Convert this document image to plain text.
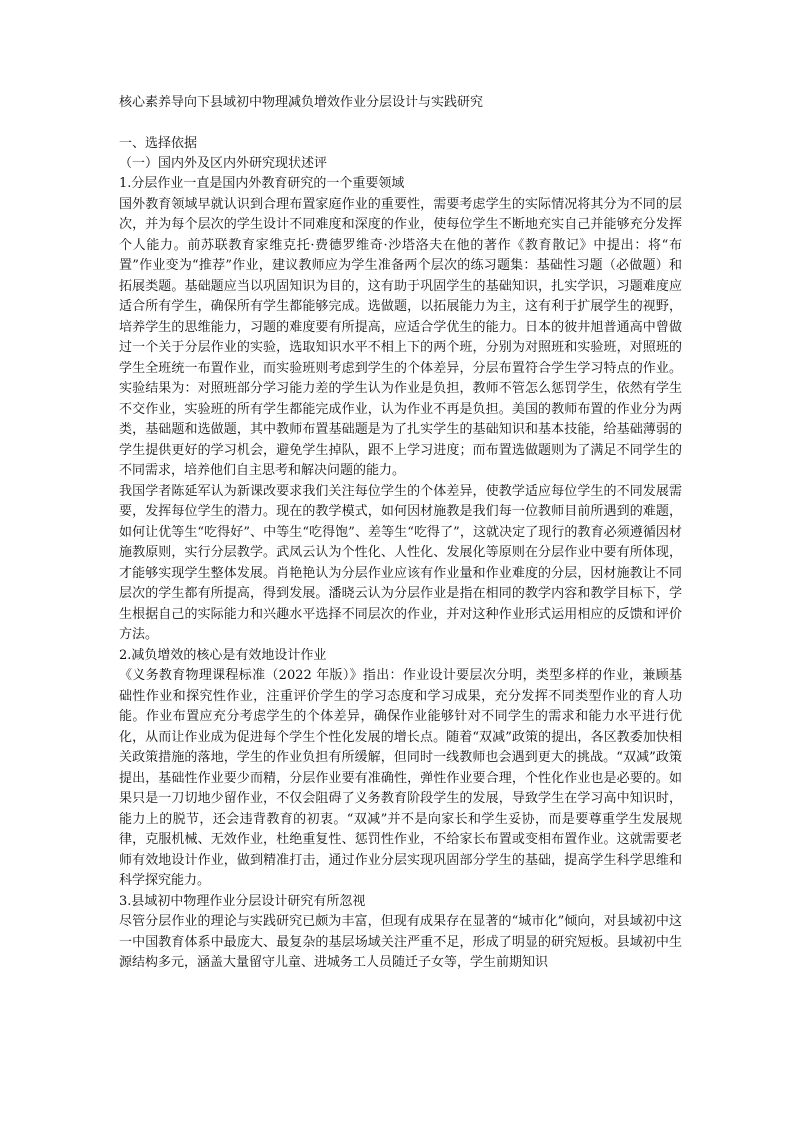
核心素养导向下县域初中物理减负增效作业分层设计与实践研究

一、选择依据

（一）国内外及区内外研究现状述评

1.分层作业一直是国内外教育研究的一个重要领域

国外教育领域早就认识到合理布置家庭作业的重要性，需要考虑学生的实际情况将其分为不同的层次，并为每个层次的学生设计不同难度和深度的作业，使每位学生不断地充实自己并能够充分发挥个人能力。前苏联教育家维克托·费德罗维奇·沙塔洛夫在他的著作《教育散记》中提出：将“布置”作业变为“推荐”作业，建议教师应为学生准备两个层次的练习题集：基础性习题（必做题）和拓展类题。基础题应当以巩固知识为目的，这有助于巩固学生的基础知识，扎实学识，习题难度应适合所有学生，确保所有学生都能够完成。选做题，以拓展能力为主，这有利于扩展学生的视野，培养学生的思维能力，习题的难度要有所提高，应适合学优生的能力。日本的彼井旭普通高中曾做过一个关于分层作业的实验，选取知识水平不相上下的两个班，分别为对照班和实验班，对照班的学生全班统一布置作业，而实验班则考虑到学生的个体差异，分层布置符合学生学习特点的作业。实验结果为：对照班部分学习能力差的学生认为作业是负担，教师不管怎么惩罚学生，依然有学生不交作业，实验班的所有学生都能完成作业，认为作业不再是负担。美国的教师布置的作业分为两类，基础题和选做题，其中教师布置基础题是为了扎实学生的基础知识和基本技能，给基础薄弱的学生提供更好的学习机会，避免学生掉队，跟不上学习进度；而布置选做题则为了满足不同学生的不同需求，培养他们自主思考和解决问题的能力。

我国学者陈延军认为新课改要求我们关注每位学生的个体差异，使教学适应每位学生的不同发展需要，发挥每位学生的潜力。现在的教学模式，如何因材施教是我们每一位教师目前所遇到的难题，如何让优等生“吃得好”、中等生“吃得饱”、差等生“吃得了”，这就决定了现行的教育必须遵循因材施教原则，实行分层教学。武凤云认为个性化、人性化、发展化等原则在分层作业中要有所体现，才能够实现学生整体发展。肖艳艳认为分层作业应该有作业量和作业难度的分层，因材施教让不同层次的学生都有所提高，得到发展。潘晓云认为分层作业是指在相同的教学内容和教学目标下，学生根据自己的实际能力和兴趣水平选择不同层次的作业，并对这种作业形式运用相应的反馈和评价方法。

2.减负增效的核心是有效地设计作业

《义务教育物理课程标准（2022 年版）》指出：作业设计要层次分明，类型多样的作业，兼顾基础性作业和探究性作业，注重评价学生的学习态度和学习成果，充分发挥不同类型作业的育人功能。作业布置应充分考虑学生的个体差异，确保作业能够针对不同学生的需求和能力水平进行优化，从而让作业成为促进每个学生个性化发展的增长点。随着“双减”政策的提出，各区教委加快相关政策措施的落地，学生的作业负担有所缓解，但同时一线教师也会遇到更大的挑战。“双减”政策提出，基础性作业要少而精，分层作业要有准确性，弹性作业要合理，个性化作业也是必要的。如果只是一刀切地少留作业，不仅会阻碍了义务教育阶段学生的发展，导致学生在学习高中知识时，能力上的脱节，还会违背教育的初衷。“双减”并不是向家长和学生妥协，而是要尊重学生发展规律，克服机械、无效作业，杜绝重复性、惩罚性作业，不给家长布置或变相布置作业。这就需要老师有效地设计作业，做到精准打击，通过作业分层实现巩固部分学生的基础，提高学生科学思维和科学探究能力。

3.县域初中物理作业分层设计研究有所忽视

尽管分层作业的理论与实践研究已颇为丰富，但现有成果存在显著的“城市化”倾向，对县域初中这一中国教育体系中最庞大、最复杂的基层场域关注严重不足，形成了明显的研究短板。县域初中生源结构多元，涵盖大量留守儿童、进城务工人员随迁子女等，学生前期知识
